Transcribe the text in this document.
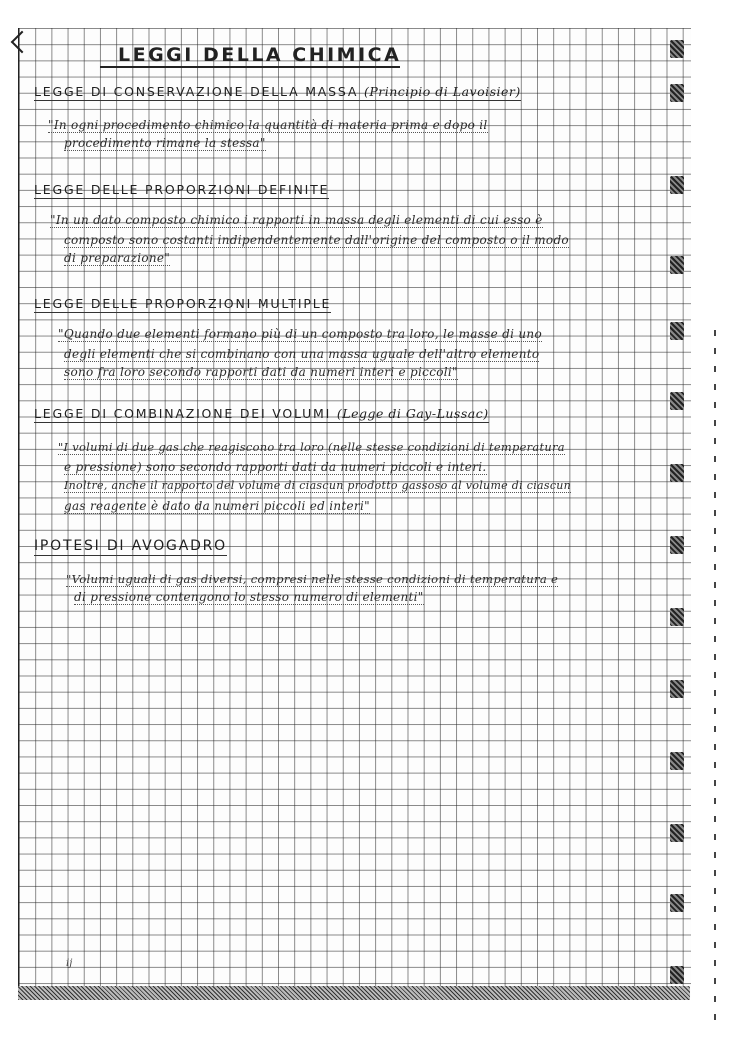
LEGGI DELLA CHIMICA
LEGGE DI CONSERVAZIONE DELLA MASSA (Principio di Lavoisier)
"In ogni procedimento chimico la quantità di materia prima e dopo il
procedimento rimane la stessa"
LEGGE DELLE PROPORZIONI DEFINITE
"In un dato composto chimico i rapporti in massa degli elementi di cui esso è
composto sono costanti indipendentemente dall'origine del composto o il modo
di preparazione"
LEGGE DELLE PROPORZIONI MULTIPLE
"Quando due elementi formano più di un composto tra loro, le masse di uno
degli elementi che si combinano con una massa uguale dell'altro elemento
sono fra loro secondo rapporti dati da numeri interi e piccoli"
LEGGE DI COMBINAZIONE DEI VOLUMI (Legge di Gay-Lussac)
"I volumi di due gas che reagiscono tra loro (nelle stesse condizioni di temperatura
e pressione) sono secondo rapporti dati da numeri piccoli e interi.
Inoltre, anche il rapporto del volume di ciascun prodotto gassoso al volume di ciascun
gas reagente è dato da numeri piccoli ed interi"
IPOTESI DI AVOGADRO
"Volumi uguali di gas diversi, compresi nelle stesse condizioni di temperatura e
di pressione contengono lo stesso numero di elementi"
ij
